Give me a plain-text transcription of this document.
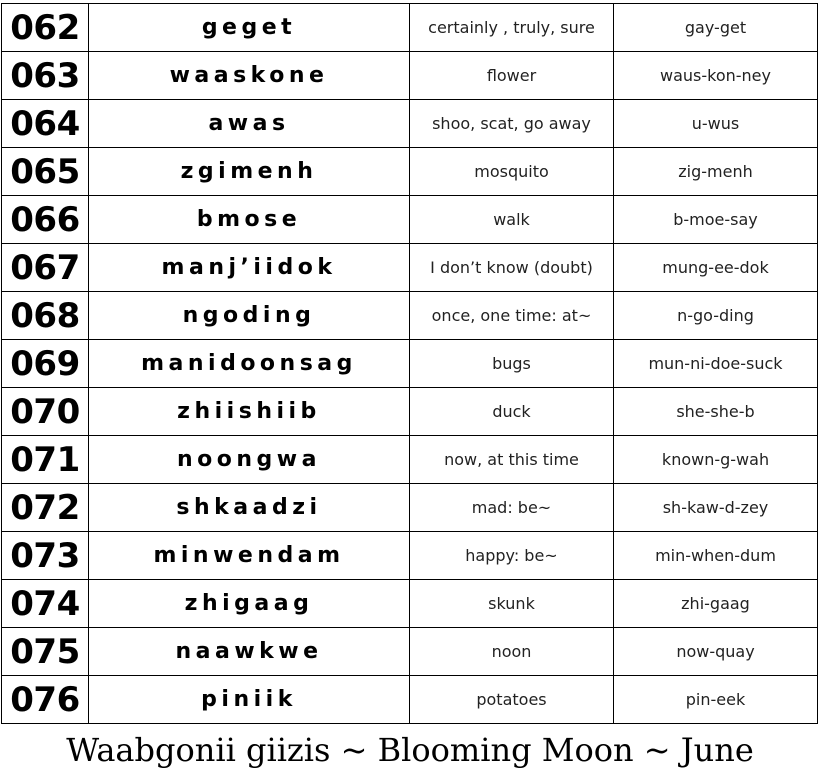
062	geget	certainly , truly, sure	gay-get
063	waaskone	flower	waus-kon-ney
064	awas	shoo, scat, go away	u-wus
065	zgimenh	mosquito	zig-menh
066	bmose	walk	b-moe-say
067	manj’iidok	I don’t know (doubt)	mung-ee-dok
068	ngoding	once, one time: at~	n-go-ding
069	manidoonsag	bugs	mun-ni-doe-suck
070	zhiishiib	duck	she-she-b
071	noongwa	now, at this time	known-g-wah
072	shkaadzi	mad: be~	sh-kaw-d-zey
073	minwendam	happy: be~	min-when-dum
074	zhigaag	skunk	zhi-gaag
075	naawkwe	noon	now-quay
076	piniik	potatoes	pin-eek
Waabgonii giizis ~ Blooming Moon ~ June
